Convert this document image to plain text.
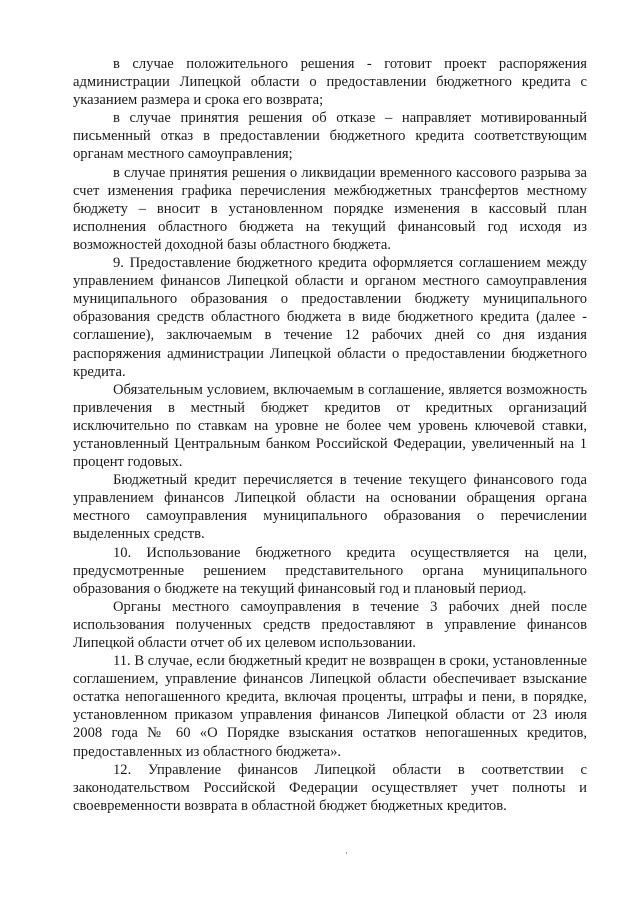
в случае положительного решения - готовит проект распоряжения администрации Липецкой области о предоставлении бюджетного кредита с указанием размера и срока его возврата;

в случае принятия решения об отказе – направляет мотивированный письменный отказ в предоставлении бюджетного кредита соответствующим органам местного самоуправления;

в случае принятия решения о ликвидации временного кассового разрыва за счет изменения графика перечисления межбюджетных трансфертов местному бюджету – вносит в установленном порядке изменения в кассовый план исполнения областного бюджета на текущий финансовый год исходя из возможностей доходной базы областного бюджета.

9. Предоставление бюджетного кредита оформляется соглашением между управлением финансов Липецкой области и органом местного самоуправления муниципального образования о предоставлении бюджету муниципального образования средств областного бюджета в виде бюджетного кредита (далее - соглашение), заключаемым в течение 12 рабочих дней со дня издания распоряжения администрации Липецкой области о предоставлении бюджетного кредита.

Обязательным условием, включаемым в соглашение, является возможность привлечения в местный бюджет кредитов от кредитных организаций исключительно по ставкам на уровне не более чем уровень ключевой ставки, установленный Центральным банком Российской Федерации, увеличенный на 1 процент годовых.

Бюджетный кредит перечисляется в течение текущего финансового года управлением финансов Липецкой области на основании обращения органа местного самоуправления муниципального образования о перечислении выделенных средств.

10. Использование бюджетного кредита осуществляется на цели, предусмотренные решением представительного органа муниципального образования о бюджете на текущий финансовый год и плановый период.

Органы местного самоуправления в течение 3 рабочих дней после использования полученных средств предоставляют в управление финансов Липецкой области отчет об их целевом использовании.

11. В случае, если бюджетный кредит не возвращен в сроки, установленные соглашением, управление финансов Липецкой области обеспечивает взыскание остатка непогашенного кредита, включая проценты, штрафы и пени, в порядке, установленном приказом управления финансов Липецкой области от 23 июля 2008 года № 60 «О Порядке взыскания остатков непогашенных кредитов, предоставленных из областного бюджета».

12. Управление финансов Липецкой области в соответствии с законодательством Российской Федерации осуществляет учет полноты и своевременности возврата в областной бюджет бюджетных кредитов.
